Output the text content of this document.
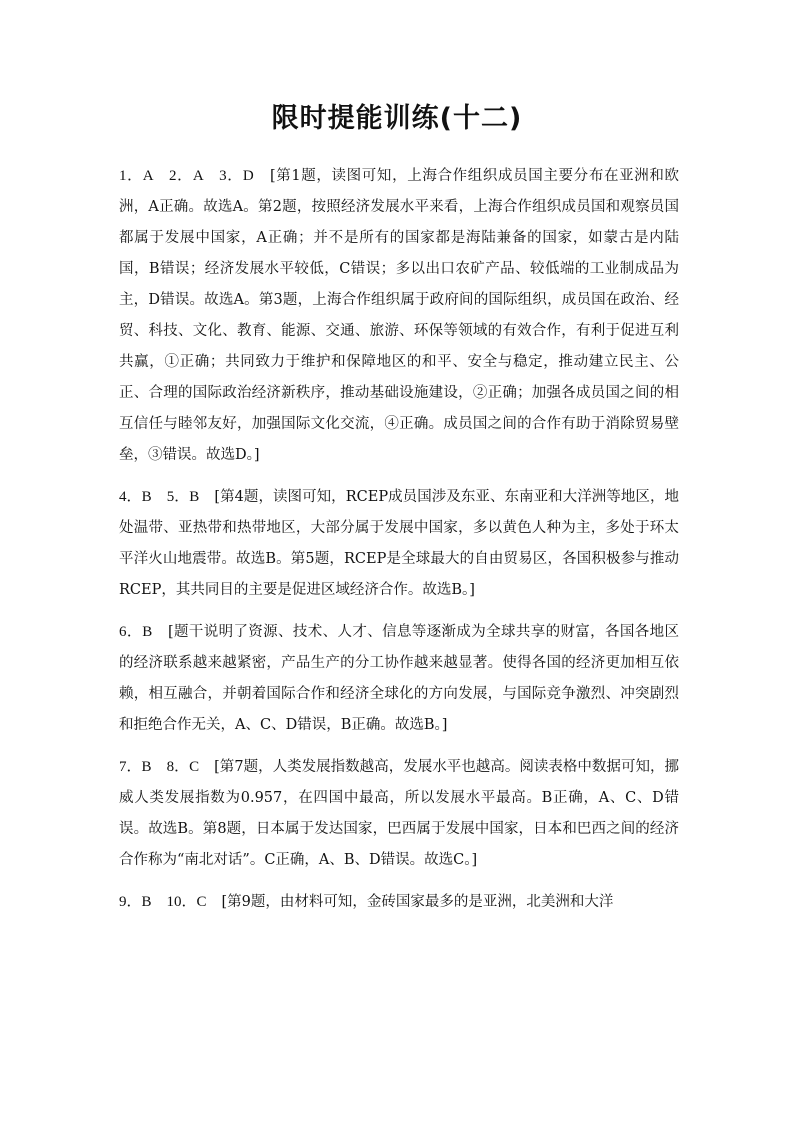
限时提能训练(十二)

1．A　2．A　3．D　[第1题，读图可知，上海合作组织成员国主要分布在亚洲和欧洲，A正确。故选A。第2题，按照经济发展水平来看，上海合作组织成员国和观察员国都属于发展中国家，A正确；并不是所有的国家都是海陆兼备的国家，如蒙古是内陆国，B错误；经济发展水平较低，C错误；多以出口农矿产品、较低端的工业制成品为主，D错误。故选A。第3题，上海合作组织属于政府间的国际组织，成员国在政治、经贸、科技、文化、教育、能源、交通、旅游、环保等领域的有效合作，有利于促进互利共赢，①正确；共同致力于维护和保障地区的和平、安全与稳定，推动建立民主、公正、合理的国际政治经济新秩序，推动基础设施建设，②正确；加强各成员国之间的相互信任与睦邻友好，加强国际文化交流，④正确。成员国之间的合作有助于消除贸易壁垒，③错误。故选D。]

4．B　5．B　[第4题，读图可知，RCEP成员国涉及东亚、东南亚和大洋洲等地区，地处温带、亚热带和热带地区，大部分属于发展中国家，多以黄色人种为主，多处于环太平洋火山地震带。故选B。第5题，RCEP是全球最大的自由贸易区，各国积极参与推动RCEP，其共同目的主要是促进区域经济合作。故选B。]

6．B　[题干说明了资源、技术、人才、信息等逐渐成为全球共享的财富，各国各地区的经济联系越来越紧密，产品生产的分工协作越来越显著。使得各国的经济更加相互依赖，相互融合，并朝着国际合作和经济全球化的方向发展，与国际竞争激烈、冲突剧烈和拒绝合作无关，A、C、D错误，B正确。故选B。]

7．B　8．C　[第7题，人类发展指数越高，发展水平也越高。阅读表格中数据可知，挪威人类发展指数为0.957，在四国中最高，所以发展水平最高。B正确，A、C、D错误。故选B。第8题，日本属于发达国家，巴西属于发展中国家，日本和巴西之间的经济合作称为“南北对话”。C正确，A、B、D错误。故选C。]

9．B　10．C　[第9题，由材料可知，金砖国家最多的是亚洲，北美洲和大洋
